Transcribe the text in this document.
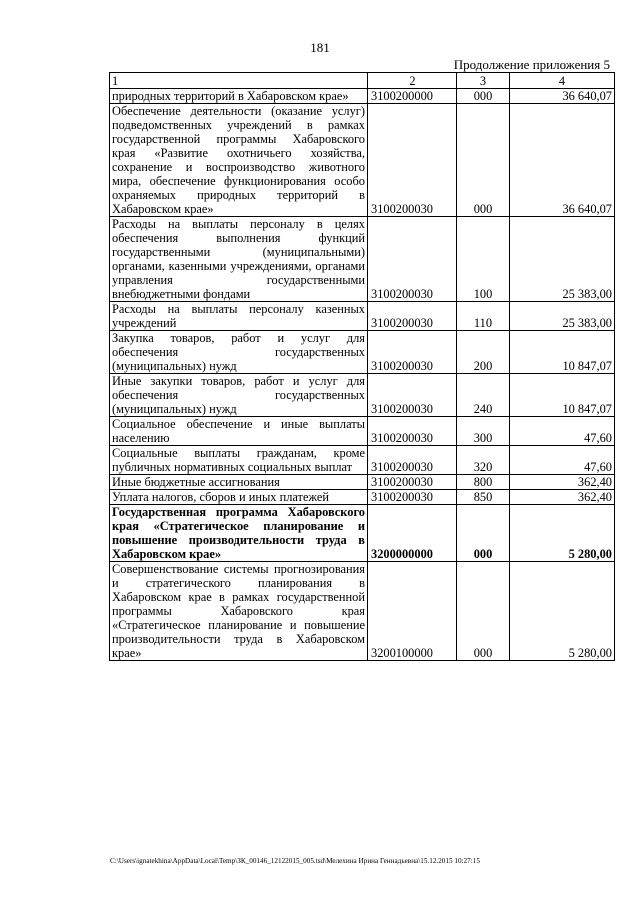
181
Продолжение приложения 5
1	2	3	4
природных территорий в Хабаровском крае»	3100200000	000	36 640,07
Обеспечение деятельности (оказание услуг) подведомственных учреждений в рамках государственной программы Хабаровского края «Развитие охотничьего хозяйства, сохранение и воспроизводство животного мира, обеспечение функционирования особо охраняемых природных территорий в Хабаровском крае»	3100200030	000	36 640,07
Расходы на выплаты персоналу в целях обеспечения выполнения функций государственными (муниципальными) органами, казенными учреждениями, органами управления государственными внебюджетными фондами	3100200030	100	25 383,00
Расходы на выплаты персоналу казенных учреждений	3100200030	110	25 383,00
Закупка товаров, работ и услуг для обеспечения государственных (муниципальных) нужд	3100200030	200	10 847,07
Иные закупки товаров, работ и услуг для обеспечения государственных (муниципальных) нужд	3100200030	240	10 847,07
Социальное обеспечение и иные выплаты населению	3100200030	300	47,60
Социальные выплаты гражданам, кроме публичных нормативных социальных выплат	3100200030	320	47,60
Иные бюджетные ассигнования	3100200030	800	362,40
Уплата налогов, сборов и иных платежей	3100200030	850	362,40
Государственная программа Хабаровского края «Стратегическое планирование и повышение производительности труда в Хабаровском крае»	3200000000	000	5 280,00
Совершенствование системы прогнозирования и стратегического планирования в Хабаровском крае в рамках государственной программы Хабаровского края «Стратегическое планирование и повышение производительности труда в Хабаровском крае»	3200100000	000	5 280,00
C:\Users\ignatekhina\AppData\Local\Temp\ЗК_00146_12122015_005.tsd\Мелехина Ирина Геннадьевна\15.12.2015 10:27:15
